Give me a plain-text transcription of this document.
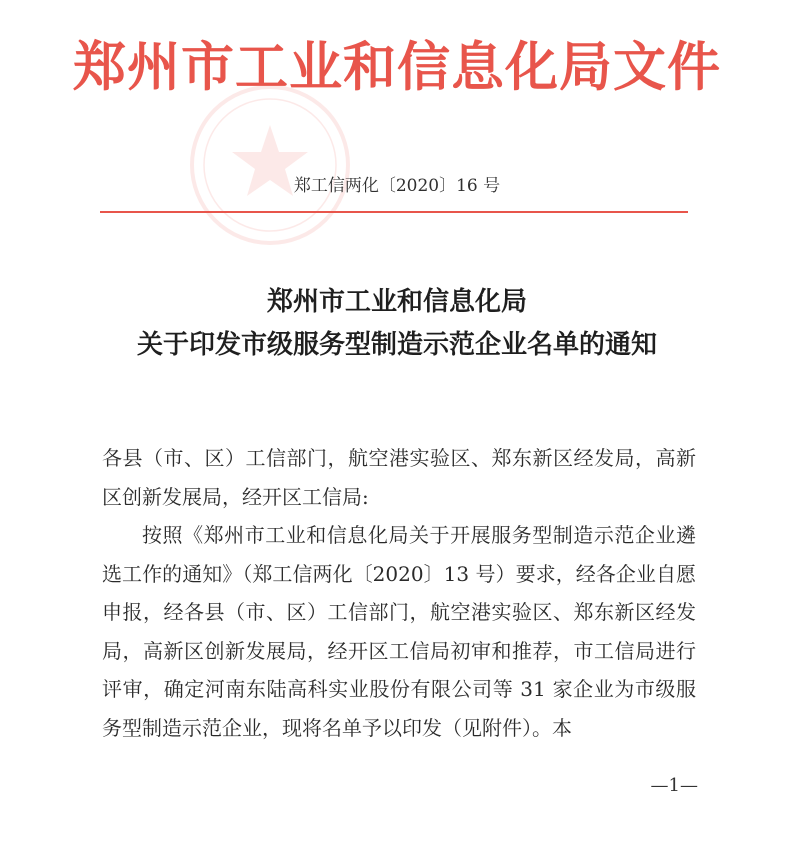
郑州市工业和信息化局文件
郑工信两化〔2020〕16 号
郑州市工业和信息化局
关于印发市级服务型制造示范企业名单的通知

各县（市、区）工信部门，航空港实验区、郑东新区经发局，高新区创新发展局，经开区工信局:

按照《郑州市工业和信息化局关于开展服务型制造示范企业遴选工作的通知》（郑工信两化〔2020〕13 号）要求，经各企业自愿申报，经各县（市、区）工信部门，航空港实验区、郑东新区经发局，高新区创新发展局，经开区工信局初审和推荐，市工信局进行评审，确定河南东陆高科实业股份有限公司等 31 家企业为市级服务型制造示范企业，现将名单予以印发（见附件）。本

—1—
